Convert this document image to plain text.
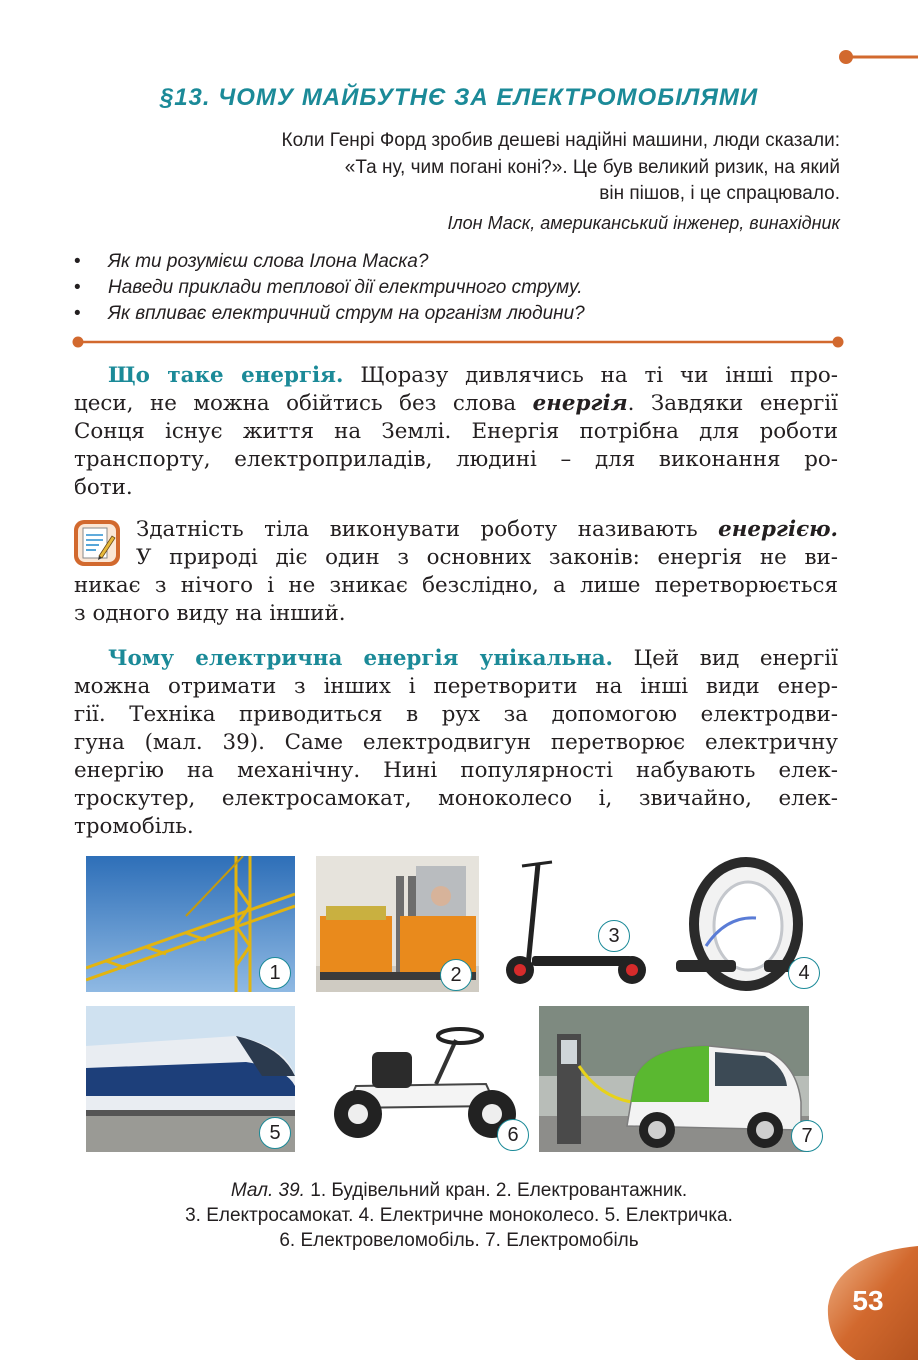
§13. ЧОМУ МАЙБУТНЄ ЗА ЕЛЕКТРОМОБІЛЯМИ
Коли Генрі Форд зробив дешеві надійні машини, люди сказали:
«Та ну, чим погані коні?». Це був великий ризик, на який
він пішов, і це спрацювало.
Ілон Маск, американський інженер, винахідник
• Як ти розумієш слова Ілона Маска?
• Наведи приклади теплової дії електричного струму.
• Як впливає електричний струм на організм людини?
Що таке енергія. Щоразу дивлячись на ті чи інші про-
цеси, не можна обійтись без слова енергія. Завдяки енергії
Сонця існує життя на Землі. Енергія потрібна для роботи
транспорту, електроприладів, людині – для виконання ро-
боти.
Здатність тіла виконувати роботу називають енергією.
У природі діє один з основних законів: енергія не ви-
никає з нічого і не зникає безслідно, а лише перетворюється
з одного виду на інший.
Чому електрична енергія унікальна. Цей вид енергії
можна отримати з інших і перетворити на інші види енер-
гії. Техніка приводиться в рух за допомогою електродви-
гуна (мал. 39). Саме електродвигун перетворює електричну
енергію на механічну. Нині популярності набувають елек-
троскутер, електросамокат, моноколесо і, звичайно, елек-
тромобіль.
1	2
3
4
5	6	7
Мал. 39. 1. Будівельний кран. 2. Електровантажник.
3. Електросамокат. 4. Електричне моноколесо. 5. Електричка.
6. Електровеломобіль. 7. Електромобіль
53
